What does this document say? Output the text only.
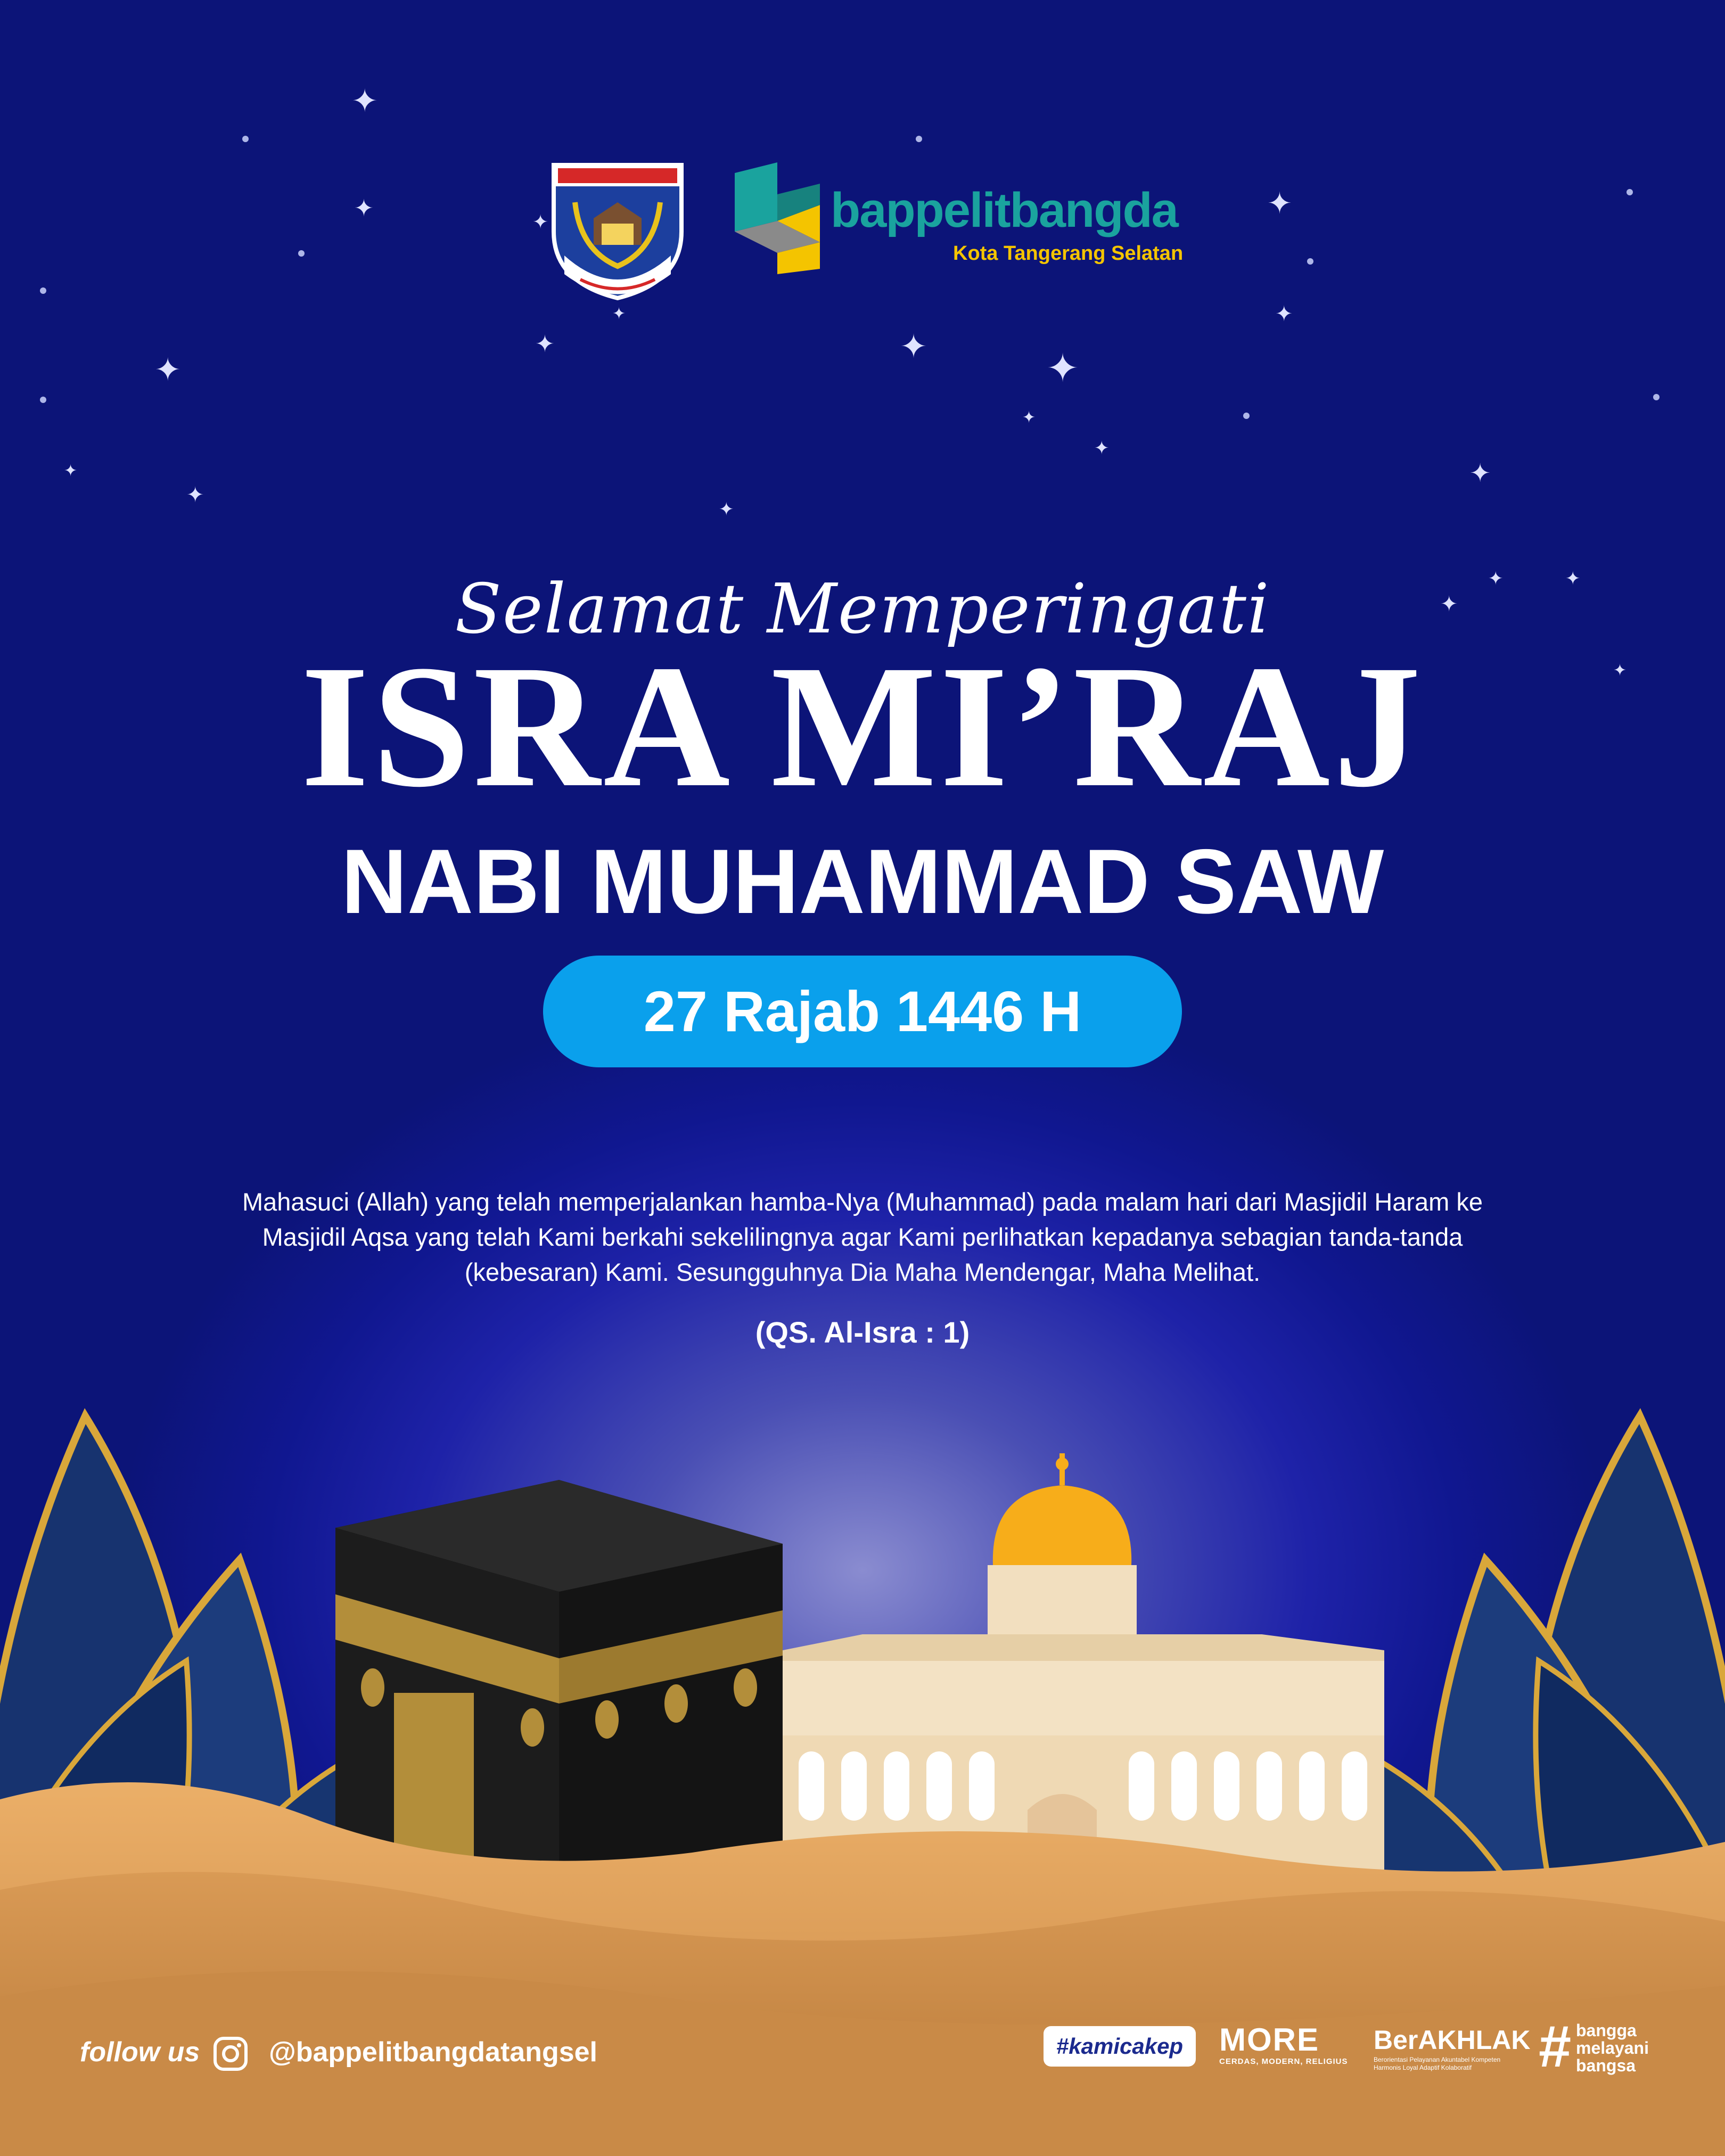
✦
✦
✦
✦
✦
✦
✦
✦
✦
✦
✦	✦
✦
✦
✦
✦
✦
✦	✦
✦
bappelitbangda
Kota Tangerang Selatan
Selamat Memperingati
ISRA MI’RAJ
NABI MUHAMMAD SAW
27 Rajab 1446 H
Mahasuci (Allah) yang telah memperjalankan hamba-Nya (Muhammad) pada malam hari dari Masjidil Haram ke Masjidil Aqsa yang telah Kami berkahi sekelilingnya agar Kami perlihatkan kepadanya sebagian tanda-tanda (kebesaran) Kami. Sesungguhnya Dia Maha Mendengar, Maha Melihat.
(QS. Al-Isra : 1)
follow us @bappelitbangdatangsel	#kamicakep	MORE
CERDAS, MODERN, RELIGIUS
BerAKHLAK
Berorientasi Pelayanan Akuntabel Kompeten Harmonis Loyal Adaptif Kolaboratif	# bangga
melayani
bangsa
